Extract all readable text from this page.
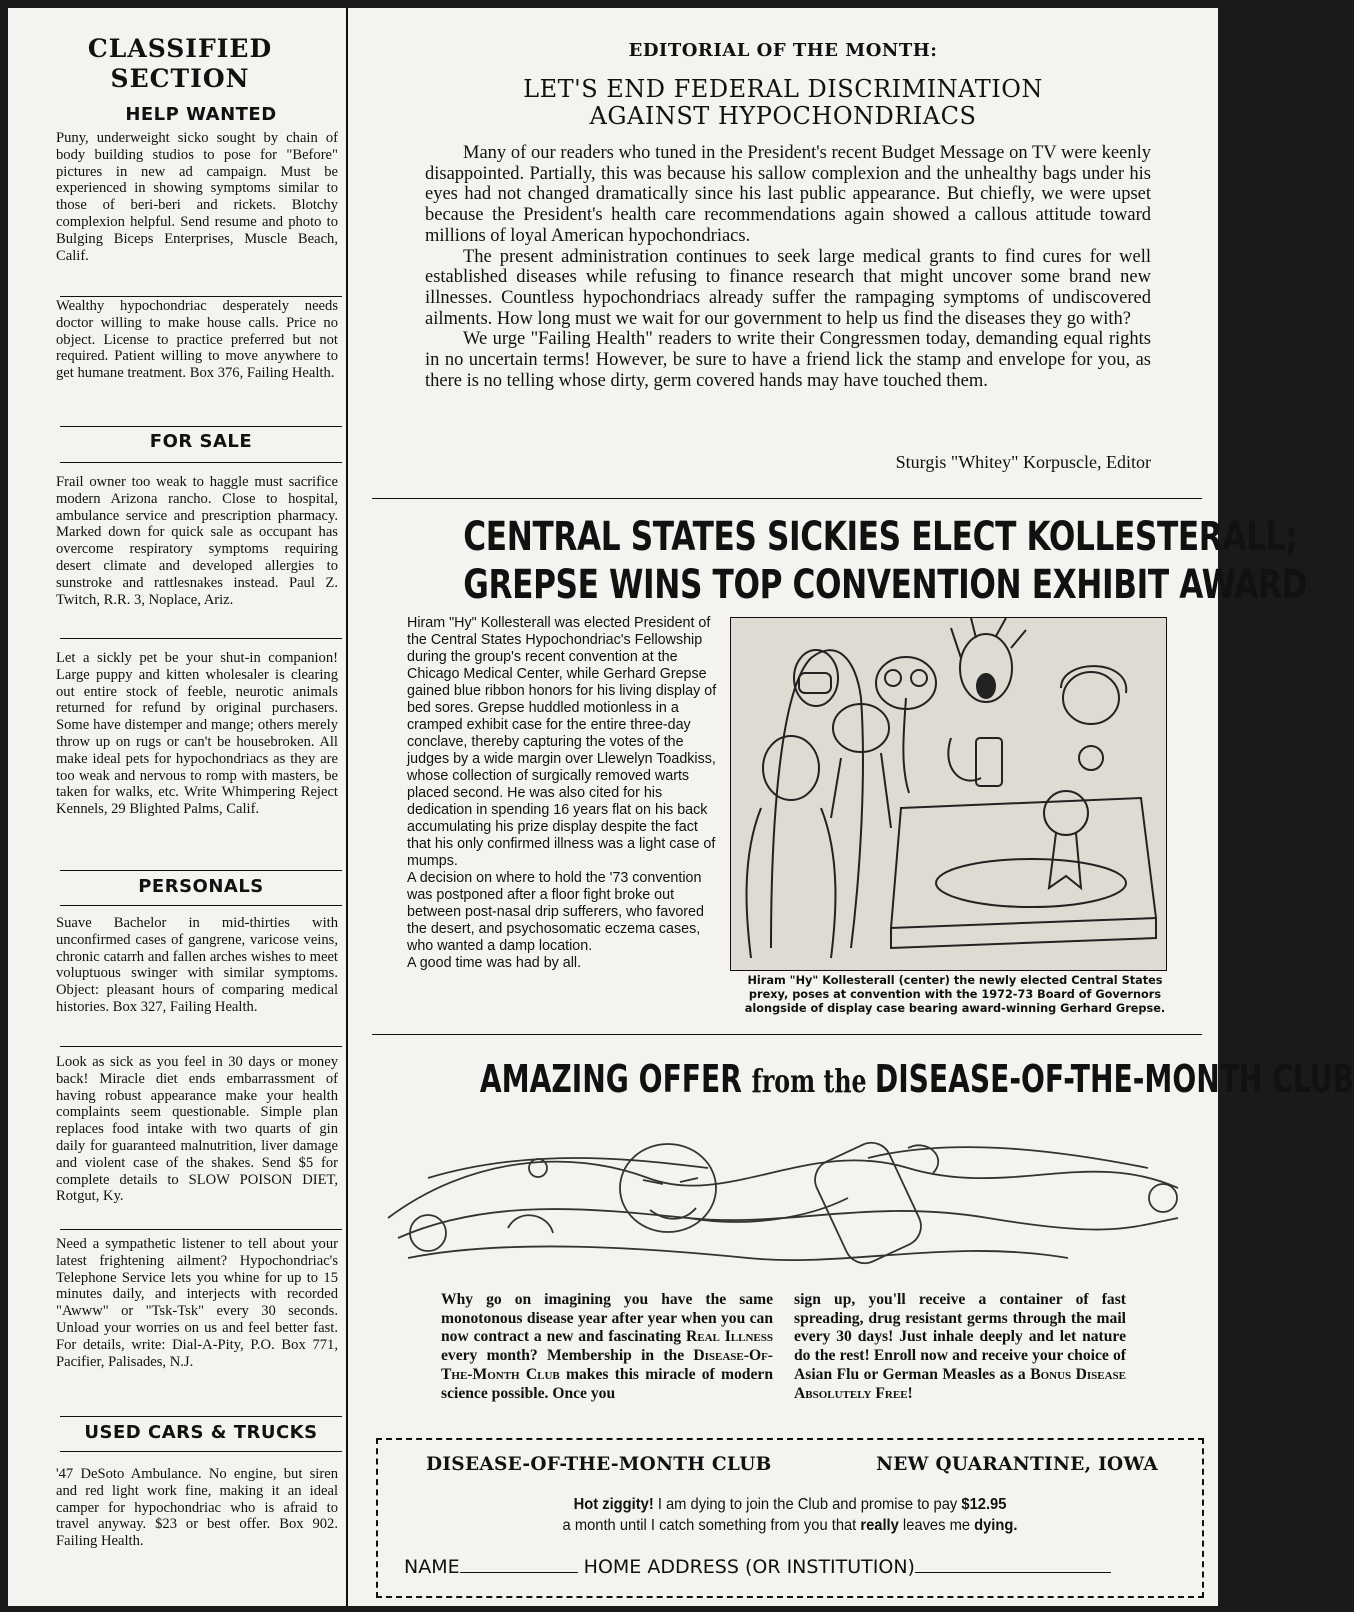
CLASSIFIED
SECTION
HELP WANTED
Puny, underweight sicko sought by chain of body building studios to pose for "Before" pictures in new ad campaign. Must be experienced in showing symptoms similar to those of beri-beri and rickets. Blotchy complexion helpful. Send resume and photo to Bulging Biceps Enterprises, Muscle Beach, Calif.
Wealthy hypochondriac desperately needs doctor willing to make house calls. Price no object. License to practice preferred but not required. Patient willing to move anywhere to get humane treatment. Box 376, Failing Health.
FOR SALE
Frail owner too weak to haggle must sacrifice modern Arizona rancho. Close to hospital, ambulance service and prescription pharmacy. Marked down for quick sale as occupant has overcome respiratory symptoms requiring desert climate and developed allergies to sunstroke and rattlesnakes instead. Paul Z. Twitch, R.R. 3, Noplace, Ariz.
Let a sickly pet be your shut-in companion! Large puppy and kitten wholesaler is clearing out entire stock of feeble, neurotic animals returned for refund by original purchasers. Some have distemper and mange; others merely throw up on rugs or can't be housebroken. All make ideal pets for hypochondriacs as they are too weak and nervous to romp with masters, be taken for walks, etc. Write Whimpering Reject Kennels, 29 Blighted Palms, Calif.
PERSONALS
Suave Bachelor in mid-thirties with unconfirmed cases of gangrene, varicose veins, chronic catarrh and fallen arches wishes to meet voluptuous swinger with similar symptoms. Object: pleasant hours of comparing medical histories. Box 327, Failing Health.
Look as sick as you feel in 30 days or money back! Miracle diet ends embarrassment of having robust appearance make your health complaints seem questionable. Simple plan replaces food intake with two quarts of gin daily for guaranteed malnutrition, liver damage and violent case of the shakes. Send $5 for complete details to SLOW POISON DIET, Rotgut, Ky.
Need a sympathetic listener to tell about your latest frightening ailment? Hypochondriac's Telephone Service lets you whine for up to 15 minutes daily, and interjects with recorded "Awww" or "Tsk-Tsk" every 30 seconds. Unload your worries on us and feel better fast. For details, write: Dial-A-Pity, P.O. Box 771, Pacifier, Palisades, N.J.
USED CARS & TRUCKS
'47 DeSoto Ambulance. No engine, but siren and red light work fine, making it an ideal camper for hypochondriac who is afraid to travel anyway. $23 or best offer. Box 902. Failing Health.
EDITORIAL OF THE MONTH:
LET'S END FEDERAL DISCRIMINATION
AGAINST HYPOCHONDRIACS

Many of our readers who tuned in the President's recent Budget Message on TV were keenly disappointed. Partially, this was because his sallow complexion and the unhealthy bags under his eyes had not changed dramatically since his last public appearance. But chiefly, we were upset because the President's health care recommendations again showed a callous attitude toward millions of loyal American hypochondriacs.

The present administration continues to seek large medical grants to find cures for well established diseases while refusing to finance research that might uncover some brand new illnesses. Countless hypochondriacs already suffer the rampaging symptoms of undiscovered ailments. How long must we wait for our government to help us find the diseases they go with?

We urge "Failing Health" readers to write their Congressmen today, demanding equal rights in no uncertain terms! However, be sure to have a friend lick the stamp and envelope for you, as there is no telling whose dirty, germ covered hands may have touched them.

Sturgis "Whitey" Korpuscle, Editor
CENTRAL STATES SICKIES ELECT KOLLESTERALL;
GREPSE WINS TOP CONVENTION EXHIBIT AWARD

Hiram "Hy" Kollesterall was elected President of the Central States Hypochondriac's Fellowship during the group's recent convention at the Chicago Medical Center, while Gerhard Grepse gained blue ribbon honors for his living display of bed sores. Grepse huddled motionless in a cramped exhibit case for the entire three-day conclave, thereby capturing the votes of the judges by a wide margin over Llewelyn Toadkiss, whose collection of surgically removed warts placed second. He was also cited for his dedication in spending 16 years flat on his back accumulating his prize display despite the fact that his only confirmed illness was a light case of mumps.

A decision on where to hold the '73 convention was postponed after a floor fight broke out between post-nasal drip sufferers, who favored the desert, and psychosomatic eczema cases, who wanted a damp location.

A good time was had by all.

Hiram "Hy" Kollesterall (center) the newly elected Central States prexy, poses at convention with the 1972-73 Board of Governors alongside of display case bearing award-winning Gerhard Grepse.
AMAZING OFFER from the DISEASE-OF-THE-MONTH CLUB
Why go on imagining you have the same monotonous disease year after year when you can now contract a new and fascinating Real Illness every month? Membership in the Disease-Of-The-Month Club makes this miracle of modern science possible. Once you
sign up, you'll receive a container of fast spreading, drug resistant germs through the mail every 30 days! Just inhale deeply and let nature do the rest! Enroll now and receive your choice of Asian Flu or German Measles as a Bonus Disease Absolutely Free!
DISEASE-OF-THE-MONTH CLUB	NEW QUARANTINE, IOWA
Hot ziggity! I am dying to join the Club and promise to pay $12.95
a month until I catch something from you that really leaves me dying.
NAME	HOME ADDRESS (OR INSTITUTION)
